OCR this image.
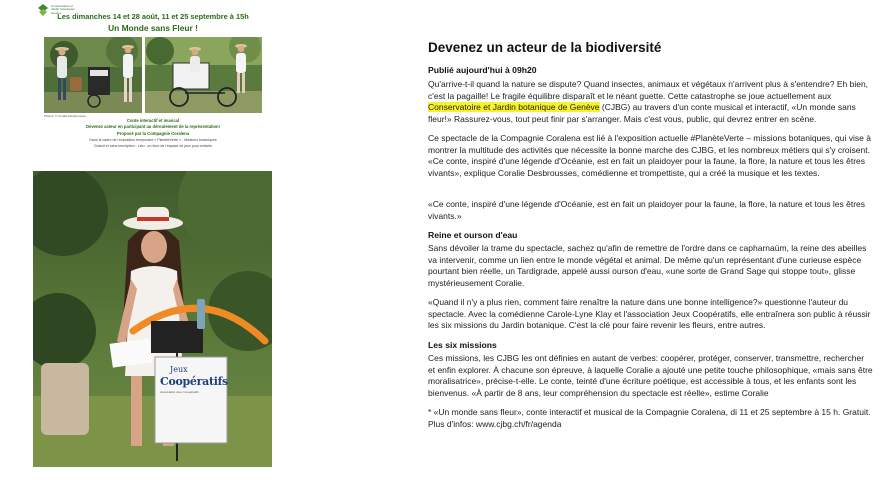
Conservatoire et Jardin botaniques Genève
Les dimanches 14 et 28 août, 11 et 25 septembre à 15h
Un Monde sans Fleur !
Photos: © Coralie Desbrousses
Conte interactif et musical
Devenez acteur en participant au déroulement de la représentation!
Proposé par la Compagnie Coralena
Dans le cadre de l'exposition temporaire « PlanèteVerte » - Missions botaniques
Gratuit et sans inscription - Lieu : en face de l'espace de jeux pour enfants
Jeux
Coopératifs
Association Jeux Coopératifs
Devenez un acteur de la biodiversité
Publié aujourd'hui à 09h20
Qu'arrive-t-il quand la nature se dispute? Quand insectes, animaux et végétaux n'arrivent plus à s'entendre? Eh bien, c'est la pagaille! Le fragile équilibre disparaît et le néant guette. Cette catastrophe se joue actuellement aux Conservatoire et Jardin botanique de Genève (CJBG) au travers d'un conte musical et interactif, «Un monde sans fleur!» Rassurez-vous, tout peut finir par s'arranger. Mais c'est vous, public, qui devrez entrer en scène.
Ce spectacle de la Compagnie Coralena est lié à l'exposition actuelle #PlanèteVerte – missions botaniques, qui vise à montrer la multitude des activités que nécessite la bonne marche des CJBG, et les nombreux métiers qui s'y croisent. «Ce conte, inspiré d'une légende d'Océanie, est en fait un plaidoyer pour la faune, la flore, la nature et tous les êtres vivants», explique Coralie Desbrousses, comédienne et trompettiste, qui a créé la musique et les textes.
«Ce conte, inspiré d'une légende d'Océanie, est en fait un plaidoyer pour la faune, la flore, la nature et tous les êtres vivants.»
Reine et ourson d'eau
Sans dévoiler la trame du spectacle, sachez qu'afin de remettre de l'ordre dans ce capharnaüm, la reine des abeilles va intervenir, comme un lien entre le monde végétal et animal. De même qu'un représentant d'une curieuse espèce pourtant bien réelle, un Tardigrade, appelé aussi ourson d'eau, «une sorte de Grand Sage qui stoppe tout», glisse mystérieusement Coralie.
«Quand il n'y a plus rien, comment faire renaître la nature dans une bonne intelligence?» questionne l'auteur du spectacle. Avec la comédienne Carole-Lyne Klay et l'association Jeux Coopératifs, elle entraînera son public à réussir les six missions du Jardin botanique. C'est la clé pour faire revenir les fleurs, entre autres.
Les six missions
Ces missions, les CJBG les ont définies en autant de verbes: coopérer, protéger, conserver, transmettre, rechercher et enfin explorer. À chacune son épreuve, à laquelle Coralie a ajouté une petite touche philosophique, «mais sans être moralisatrice», précise-t-elle. Le conte, teinté d'une écriture poétique, est accessible à tous, et les enfants sont les bienvenus. «À partir de 8 ans, leur compréhension du spectacle est réelle», estime Coralie
* «Un monde sans fleur», conte interactif et musical de la Compagnie Coralena, di 11 et 25 septembre à 15 h. Gratuit. Plus d'infos: www.cjbg.ch/fr/agenda
